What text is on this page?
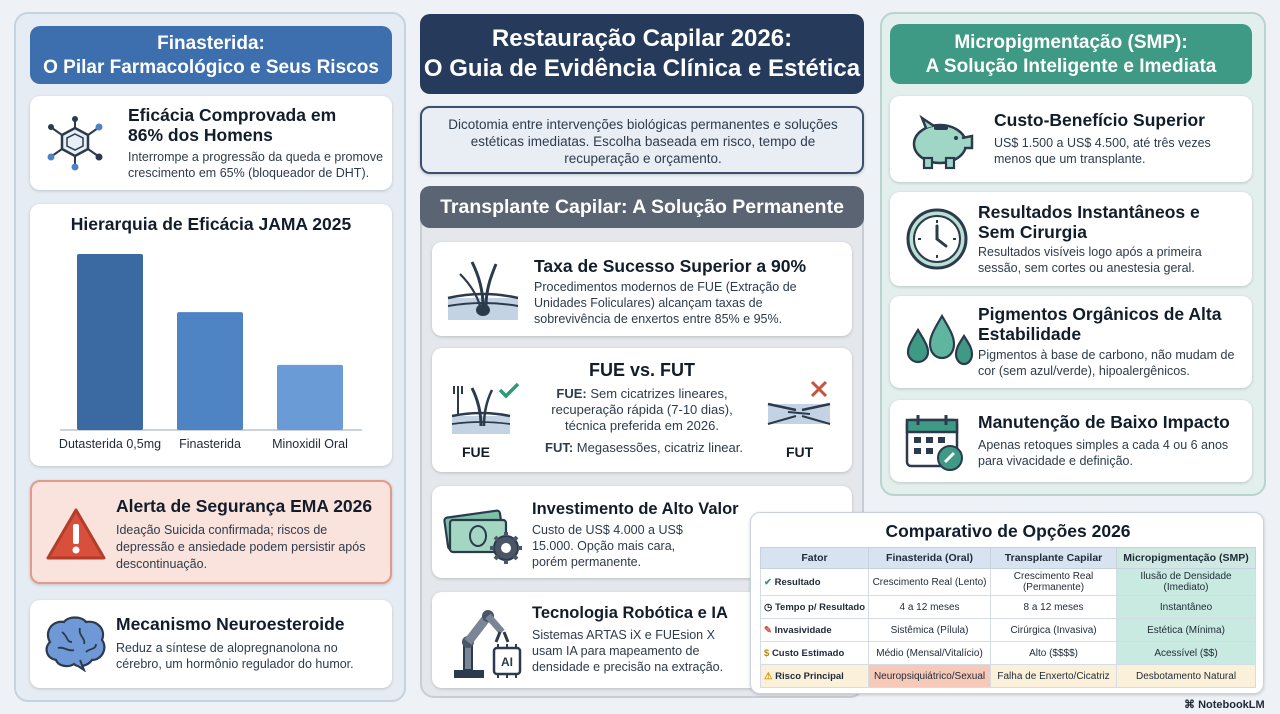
Finasterida:
O Pilar Farmacológico e Seus Riscos
Eficácia Comprovada em 86% dos Homens
Interrompe a progressão da queda e promove crescimento em 65% (bloqueador de DHT).
Hierarquia de Eficácia JAMA 2025
Dutasterida 0,5mg Finasterida Minoxidil Oral
Alerta de Segurança EMA 2026
Ideação Suicida confirmada; riscos de depressão e ansiedade podem persistir após descontinuação.
Mecanismo Neuroesteroide
Reduz a síntese de alopregnanolona no cérebro, um hormônio regulador do humor.
Restauração Capilar 2026:
O Guia de Evidência Clínica e Estética
Dicotomia entre intervenções biológicas permanentes e soluções estéticas imediatas. Escolha baseada em risco, tempo de recuperação e orçamento.
Transplante Capilar: A Solução Permanente
Taxa de Sucesso Superior a 90%
Procedimentos modernos de FUE (Extração de Unidades Foliculares) alcançam taxas de sobrevivência de enxertos entre 85% e 95%.
FUE
FUE vs. FUT
FUE: Sem cicatrizes lineares, recuperação rápida (7-10 dias), técnica preferida em 2026.
FUT: Megasessões, cicatriz linear.	FUT
Investimento de Alto Valor
Custo de US$ 4.000 a US$ 15.000. Opção mais cara, porém permanente.
AI
Tecnologia Robótica e IA
Sistemas ARTAS iX e FUEsion X usam IA para mapeamento de densidade e precisão na extração.
Micropigmentação (SMP):
A Solução Inteligente e Imediata
Custo-Benefício Superior
US$ 1.500 a US$ 4.500, até três vezes menos que um transplante.
Resultados Instantâneos e Sem Cirurgia
Resultados visíveis logo após a primeira sessão, sem cortes ou anestesia geral.
Pigmentos Orgânicos de Alta Estabilidade
Pigmentos à base de carbono, não mudam de cor (sem azul/verde), hipoalergênicos.
Manutenção de Baixo Impacto
Apenas retoques simples a cada 4 ou 6 anos para vivacidade e definição.
Comparativo de Opções 2026
Fator	Finasterida (Oral)	Transplante Capilar	Micropigmentação (SMP)
✔ Resultado	Crescimento Real (Lento)	Crescimento Real (Permanente)	Ilusão de Densidade (Imediato)
◷ Tempo p/ Resultado	4 a 12 meses	8 a 12 meses	Instantâneo
✎ Invasividade	Sistêmica (Pílula)	Cirúrgica (Invasiva)	Estética (Mínima)
$ Custo Estimado	Médio (Mensal/Vitalício)	Alto ($$$$)	Acessível ($$)
⚠ Risco Principal	Neuropsiquiátrico/Sexual	Falha de Enxerto/Cicatriz	Desbotamento Natural
⌘ NotebookLM
